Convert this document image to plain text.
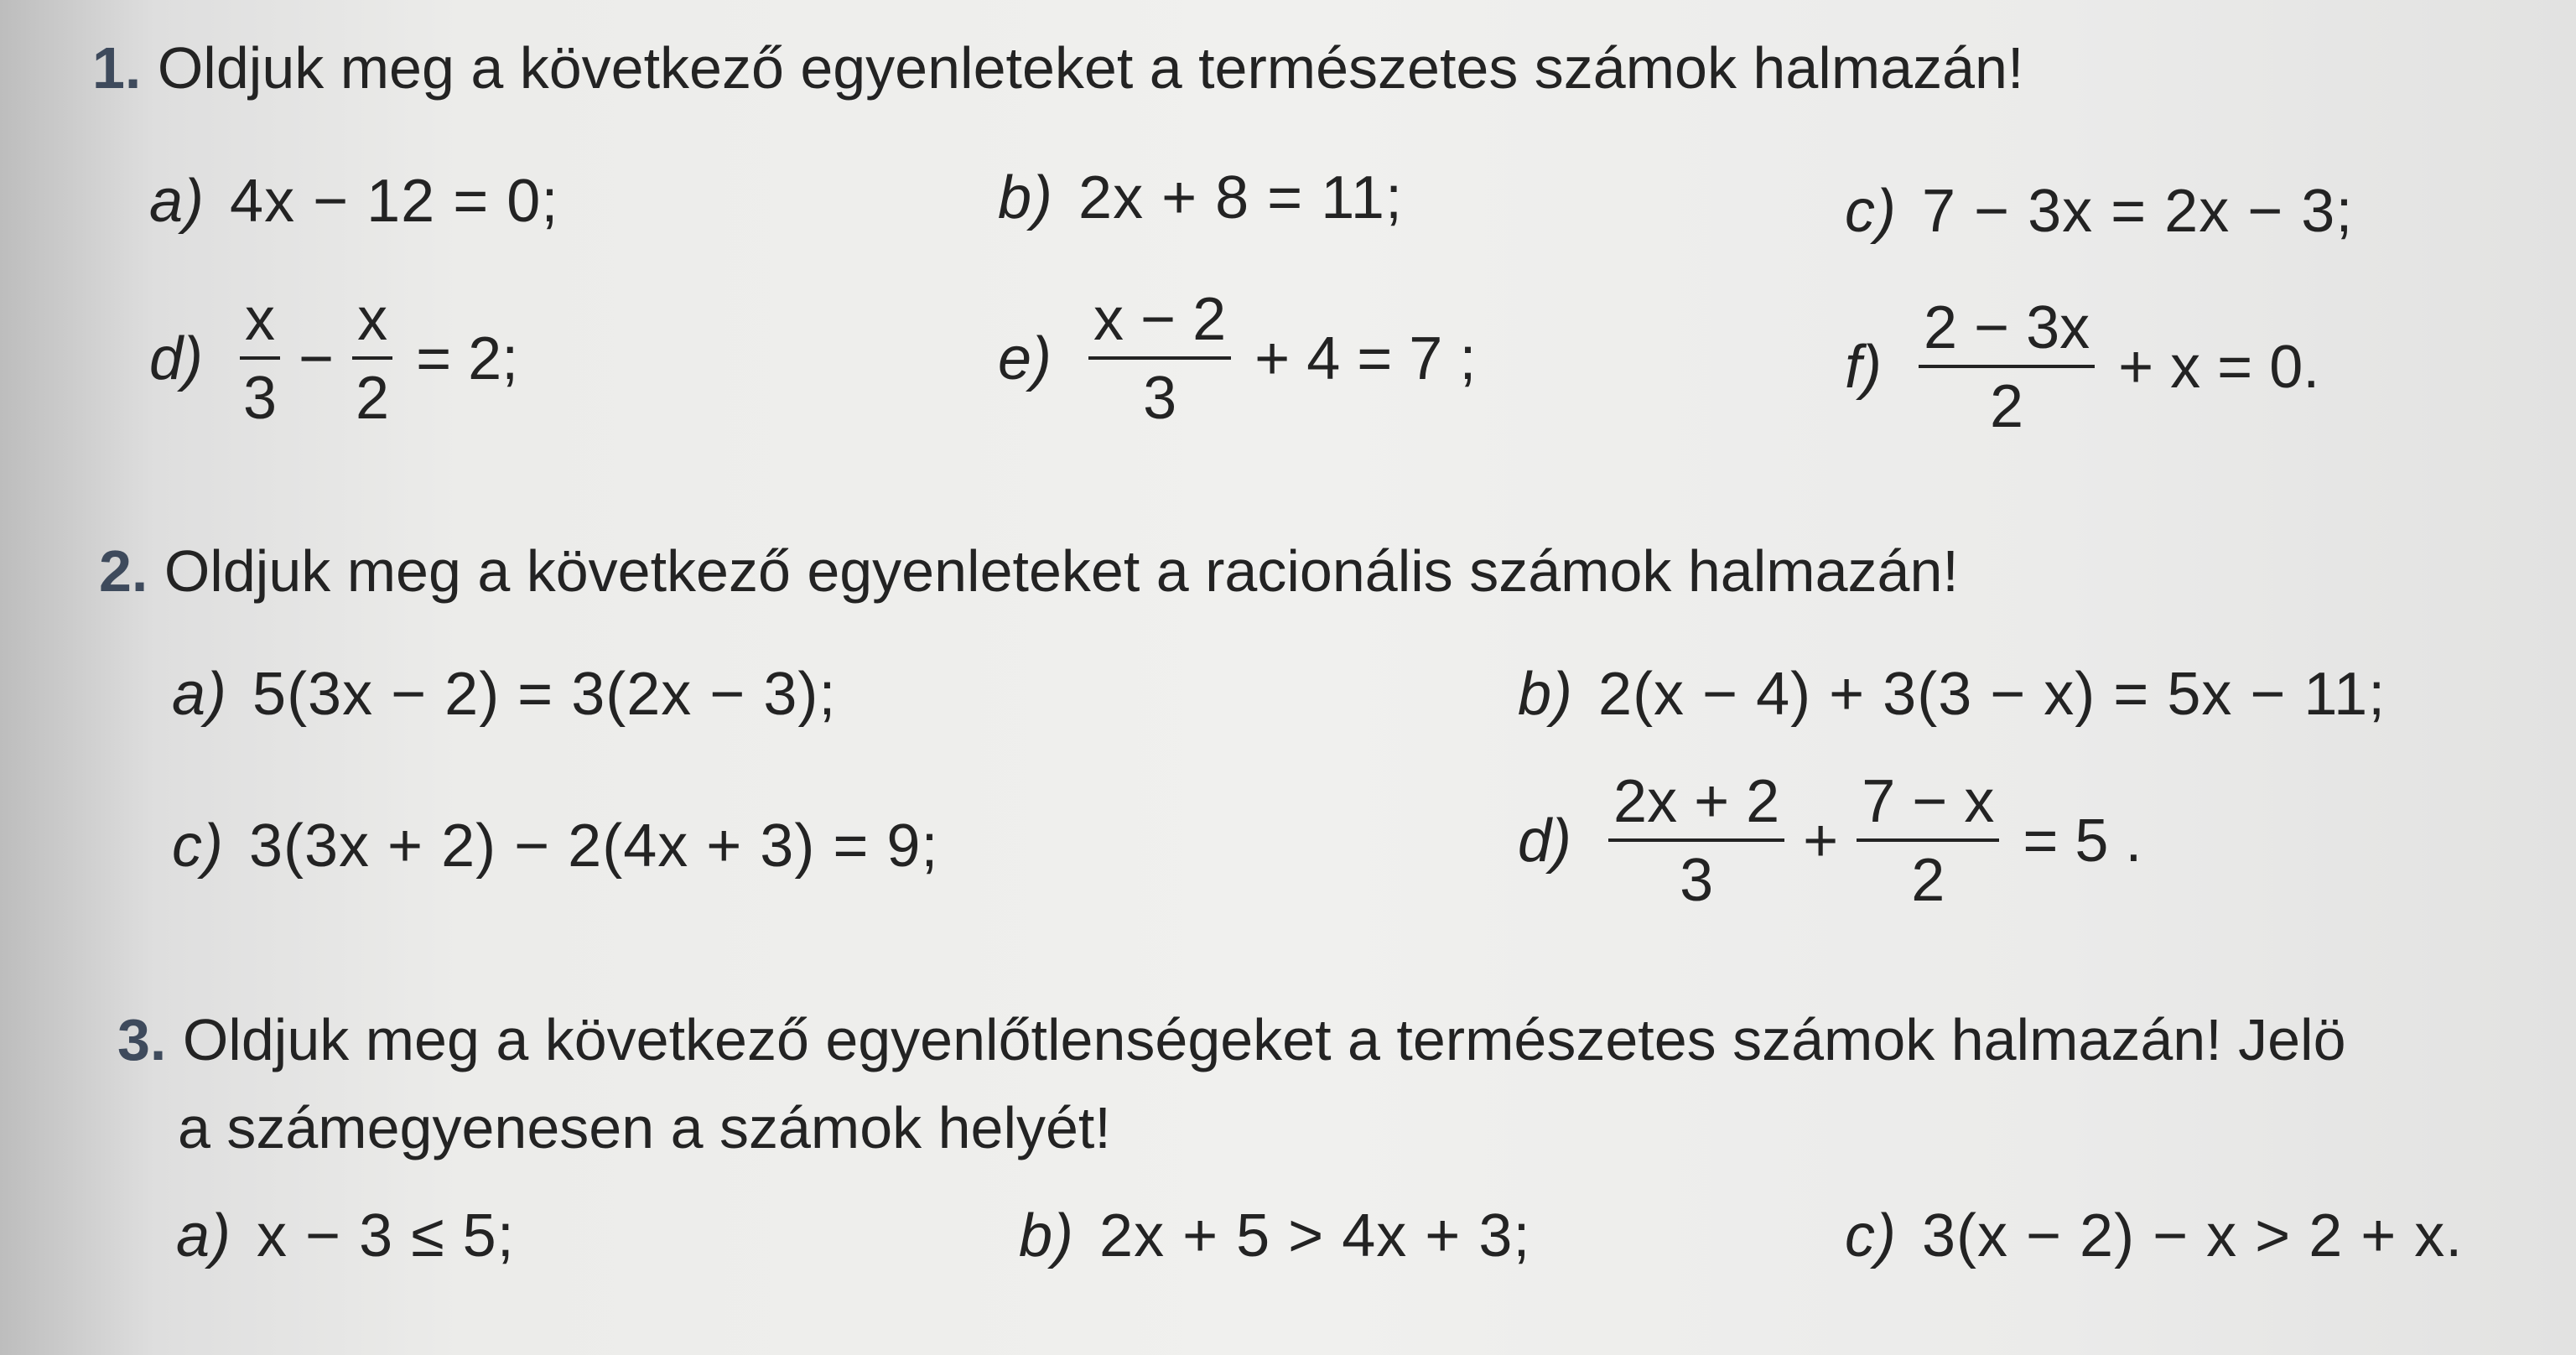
1. Oldjuk meg a következő egyenleteket a természetes számok halmazán!
a) 4x − 12 = 0;	b) 2x + 8 = 11;	c) 7 − 3x = 2x − 3;
$d) \frac{x}{3} - \frac{x}{2} = 2$;	$e) \frac{x - 2}{3} + 4 = 7$ ;	$f) \frac{2 - 3x}{2} + x = 0$.
2. Oldjuk meg a következő egyenleteket a racionális számok halmazán!
a) 5(3x − 2) = 3(2x − 3);	b) 2(x − 4) + 3(3 − x) = 5x − 11;
c) 3(3x + 2) − 2(4x + 3) = 9;	$d) \frac{2x + 2}{3} + \frac{7 - x}{2} = 5$ .
3. Oldjuk meg a következő egyenlőtlenségeket a természetes számok halmazán! Jelö
a számegyenesen a számok helyét!
a) x − 3 ≤ 5;	b) 2x + 5 > 4x + 3;	c) 3(x − 2) − x > 2 + x.
